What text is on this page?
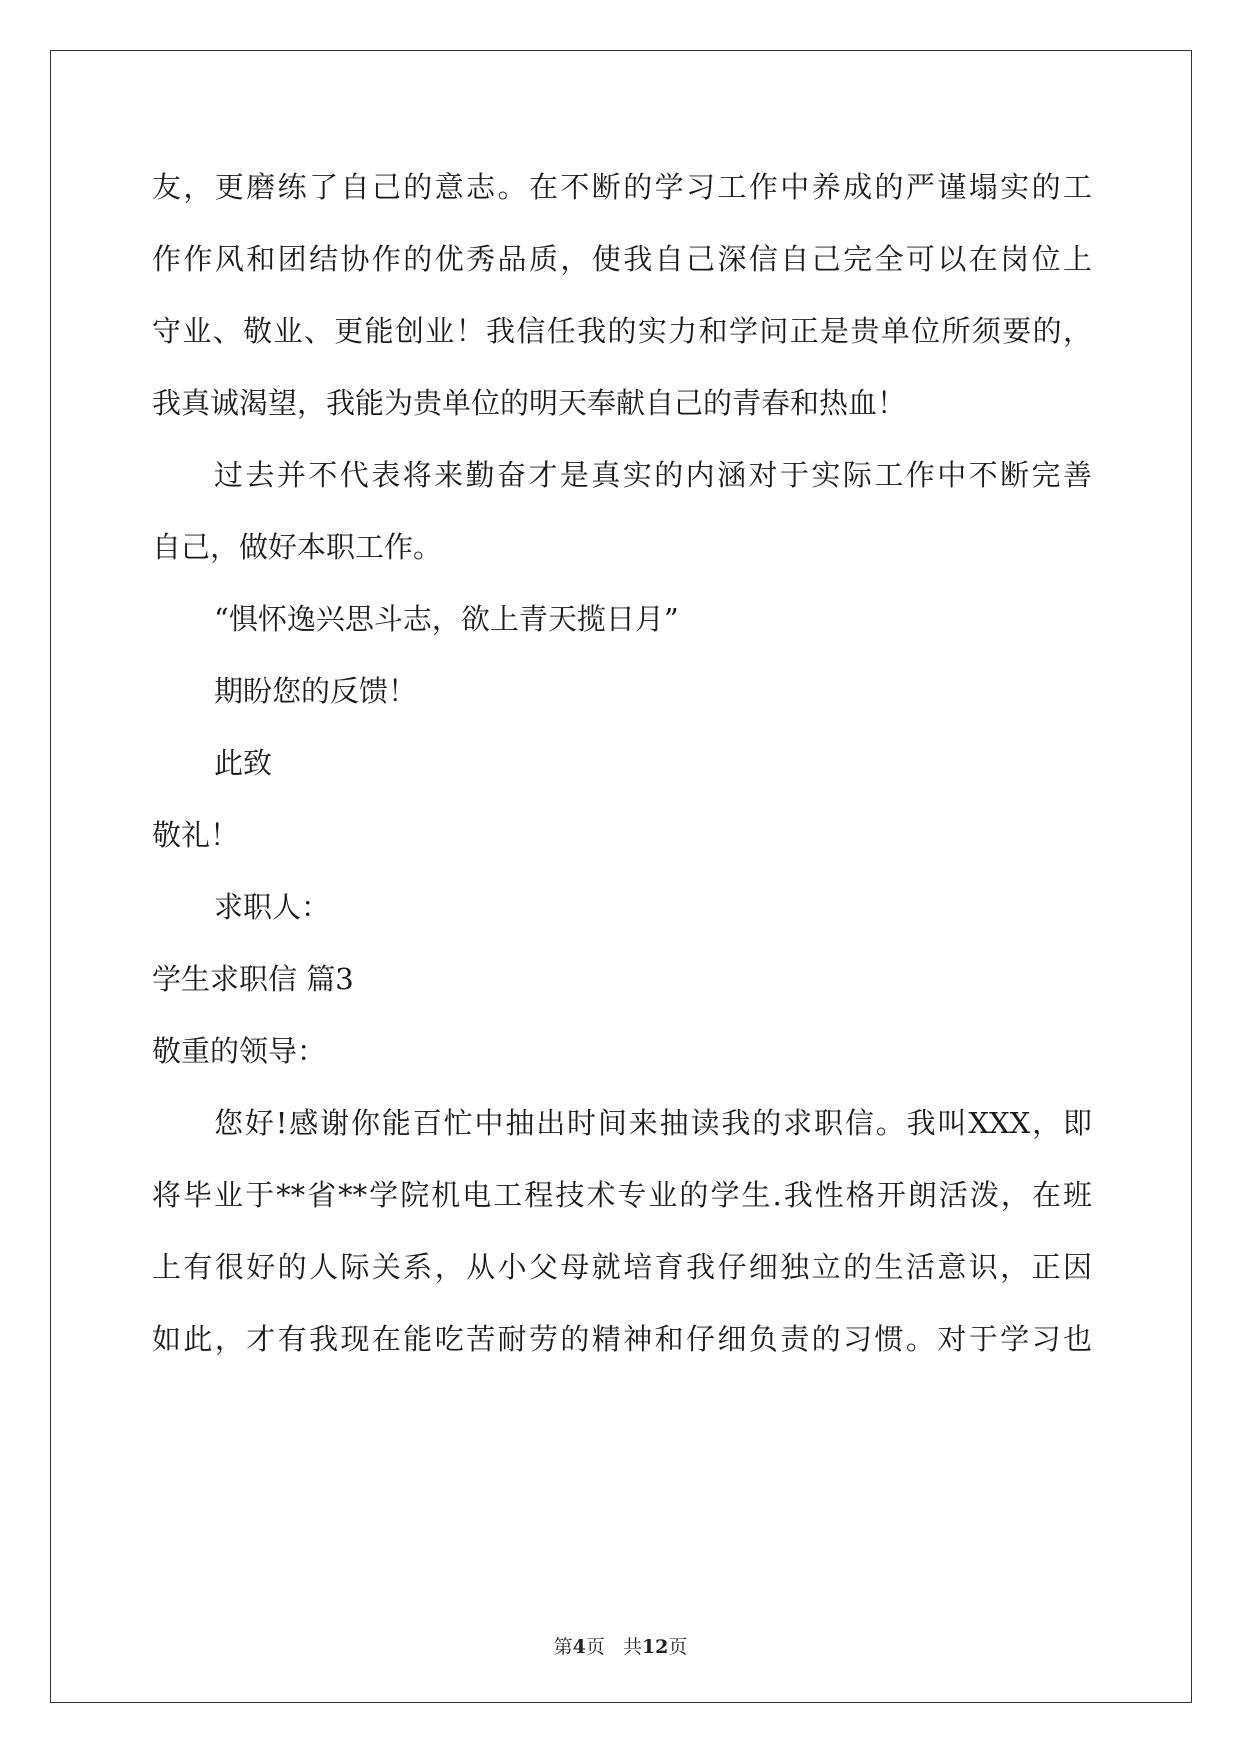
友，更磨练了自己的意志。在不断的学习工作中养成的严谨塌实的工
作作风和团结协作的优秀品质，使我自己深信自己完全可以在岗位上
守业、敬业、更能创业！我信任我的实力和学问正是贵单位所须要的，
我真诚渴望，我能为贵单位的明天奉献自己的青春和热血！
过去并不代表将来勤奋才是真实的内涵对于实际工作中不断完善
自己，做好本职工作。
“惧怀逸兴思斗志，欲上青天揽日月”
期盼您的反馈！
此致
敬礼！
求职人：
学生求职信 篇3
敬重的领导：
您好!感谢你能百忙中抽出时间来抽读我的求职信。我叫XXX，即
将毕业于**省**学院机电工程技术专业的学生.我性格开朗活泼，在班
上有很好的人际关系，从小父母就培育我仔细独立的生活意识，正因
如此，才有我现在能吃苦耐劳的精神和仔细负责的习惯。对于学习也
第4页   共12页
